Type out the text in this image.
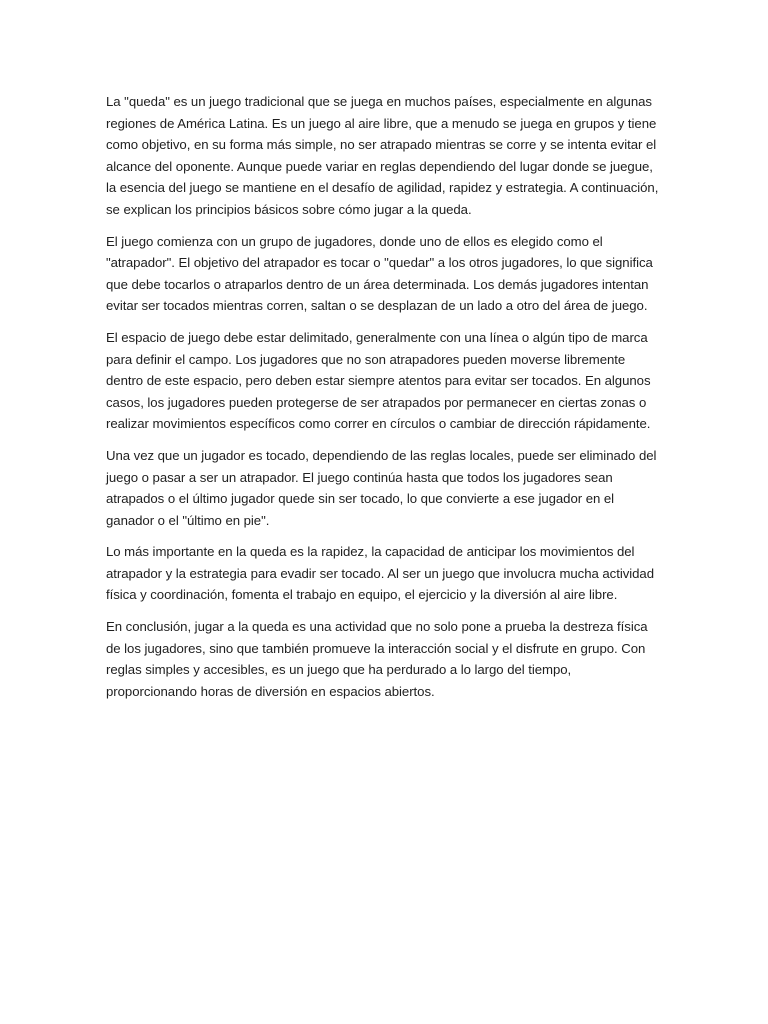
La "queda" es un juego tradicional que se juega en muchos países, especialmente en algunas regiones de América Latina. Es un juego al aire libre, que a menudo se juega en grupos y tiene como objetivo, en su forma más simple, no ser atrapado mientras se corre y se intenta evitar el alcance del oponente. Aunque puede variar en reglas dependiendo del lugar donde se juegue, la esencia del juego se mantiene en el desafío de agilidad, rapidez y estrategia. A continuación, se explican los principios básicos sobre cómo jugar a la queda.

El juego comienza con un grupo de jugadores, donde uno de ellos es elegido como el "atrapador". El objetivo del atrapador es tocar o "quedar" a los otros jugadores, lo que significa que debe tocarlos o atraparlos dentro de un área determinada. Los demás jugadores intentan evitar ser tocados mientras corren, saltan o se desplazan de un lado a otro del área de juego.

El espacio de juego debe estar delimitado, generalmente con una línea o algún tipo de marca para definir el campo. Los jugadores que no son atrapadores pueden moverse libremente dentro de este espacio, pero deben estar siempre atentos para evitar ser tocados. En algunos casos, los jugadores pueden protegerse de ser atrapados por permanecer en ciertas zonas o realizar movimientos específicos como correr en círculos o cambiar de dirección rápidamente.

Una vez que un jugador es tocado, dependiendo de las reglas locales, puede ser eliminado del juego o pasar a ser un atrapador. El juego continúa hasta que todos los jugadores sean atrapados o el último jugador quede sin ser tocado, lo que convierte a ese jugador en el ganador o el "último en pie".

Lo más importante en la queda es la rapidez, la capacidad de anticipar los movimientos del atrapador y la estrategia para evadir ser tocado. Al ser un juego que involucra mucha actividad física y coordinación, fomenta el trabajo en equipo, el ejercicio y la diversión al aire libre.

En conclusión, jugar a la queda es una actividad que no solo pone a prueba la destreza física de los jugadores, sino que también promueve la interacción social y el disfrute en grupo. Con reglas simples y accesibles, es un juego que ha perdurado a lo largo del tiempo, proporcionando horas de diversión en espacios abiertos.
